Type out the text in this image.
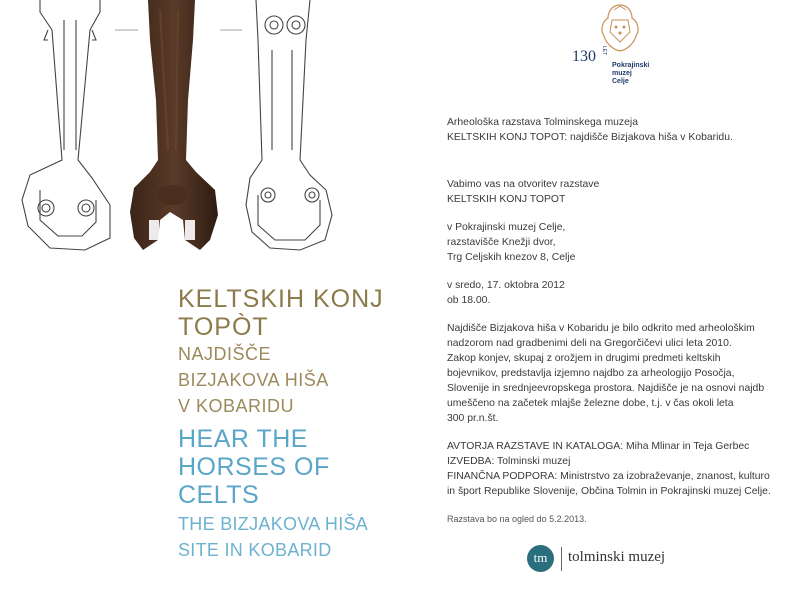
130 LET
Pokrajinski
muzej
Celje

KELTSKIH KONJ

TOPÒT

NAJDIŠČE

BIZJAKOVA HIŠA

V KOBARIDU

HEAR THE

HORSES OF

CELTS

THE BIZJAKOVA HIŠA

SITE IN KOBARID

Arheološka razstava Tolminskega muzeja

KELTSKIH KONJ TOPOT: najdišče Bizjakova hiša v Kobaridu.

Vabimo vas na otvoritev razstave

KELTSKIH KONJ TOPOT

v Pokrajinski muzej Celje,

razstavišče Knežji dvor,

Trg Celjskih knezov 8, Celje

v sredo, 17. oktobra 2012

ob 18.00.

Najdišče Bizjakova hiša v Kobaridu je bilo odkrito med arheološkim

nadzorom nad gradbenimi deli na Gregorčičevi ulici leta 2010.

Zakop konjev, skupaj z orožjem in drugimi predmeti keltskih

bojevnikov, predstavlja izjemno najdbo za arheologijo Posočja,

Slovenije in srednjeevropskega prostora. Najdišče je na osnovi najdb

umeščeno na začetek mlajše železne dobe, t.j. v čas okoli leta

300 pr.n.št.

AVTORJA RAZSTAVE IN KATALOGA: Miha Mlinar in Teja Gerbec

IZVEDBA: Tolminski muzej

FINANČNA PODPORA: Ministrstvo za izobraževanje, znanost, kulturo

in šport Republike Slovenije, Občina Tolmin in Pokrajinski muzej Celje.

Razstava bo na ogled do 5.2.2013.

tm	tolminski muzej
